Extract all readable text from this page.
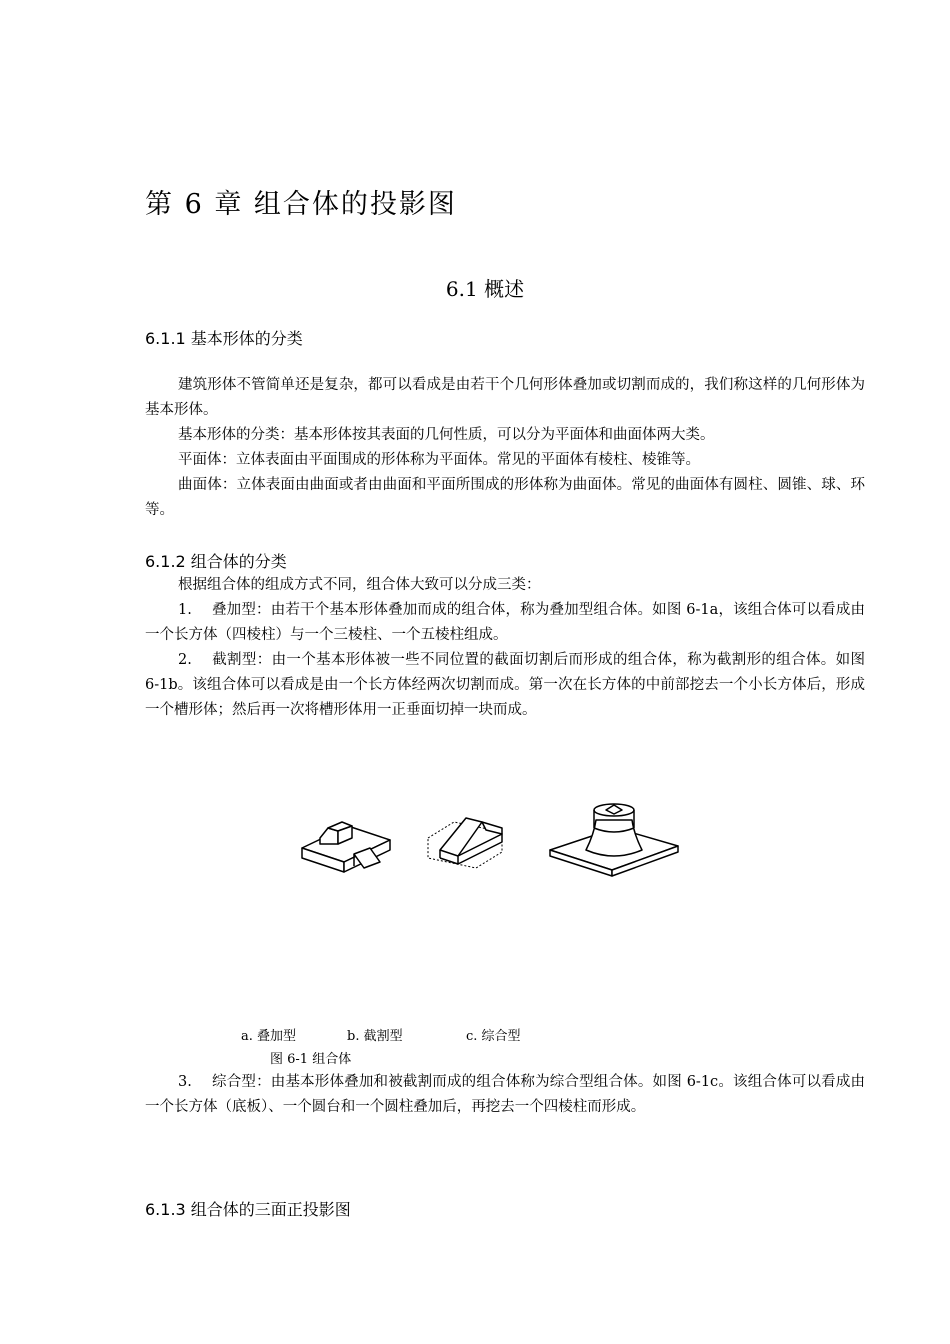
第 6 章 组合体的投影图
6.1 概述
6.1.1 基本形体的分类
建筑形体不管简单还是复杂，都可以看成是由若干个几何形体叠加或切割而成的，我们称这样的几何形体为基本形体。
基本形体的分类：基本形体按其表面的几何性质，可以分为平面体和曲面体两大类。
平面体：立体表面由平面围成的形体称为平面体。常见的平面体有棱柱、棱锥等。
曲面体：立体表面由曲面或者由曲面和平面所围成的形体称为曲面体。常见的曲面体有圆柱、圆锥、球、环等。
6.1.2 组合体的分类
根据组合体的组成方式不同，组合体大致可以分成三类：
1. 叠加型：由若干个基本形体叠加而成的组合体，称为叠加型组合体。如图 6-1a，该组合体可以看成由一个长方体（四棱柱）与一个三棱柱、一个五棱柱组成。
2. 截割型：由一个基本形体被一些不同位置的截面切割后而形成的组合体，称为截割形的组合体。如图 6-1b。该组合体可以看成是由一个长方体经两次切割而成。第一次在长方体的中前部挖去一个小长方体后，形成一个槽形体；然后再一次将槽形体用一正垂面切掉一块而成。
a. 叠加型	b. 截割型	c. 综合型
图 6-1 组合体
3. 综合型：由基本形体叠加和被截割而成的组合体称为综合型组合体。如图 6-1c。该组合体可以看成由一个长方体（底板）、一个圆台和一个圆柱叠加后，再挖去一个四棱柱而形成。
6.1.3 组合体的三面正投影图
